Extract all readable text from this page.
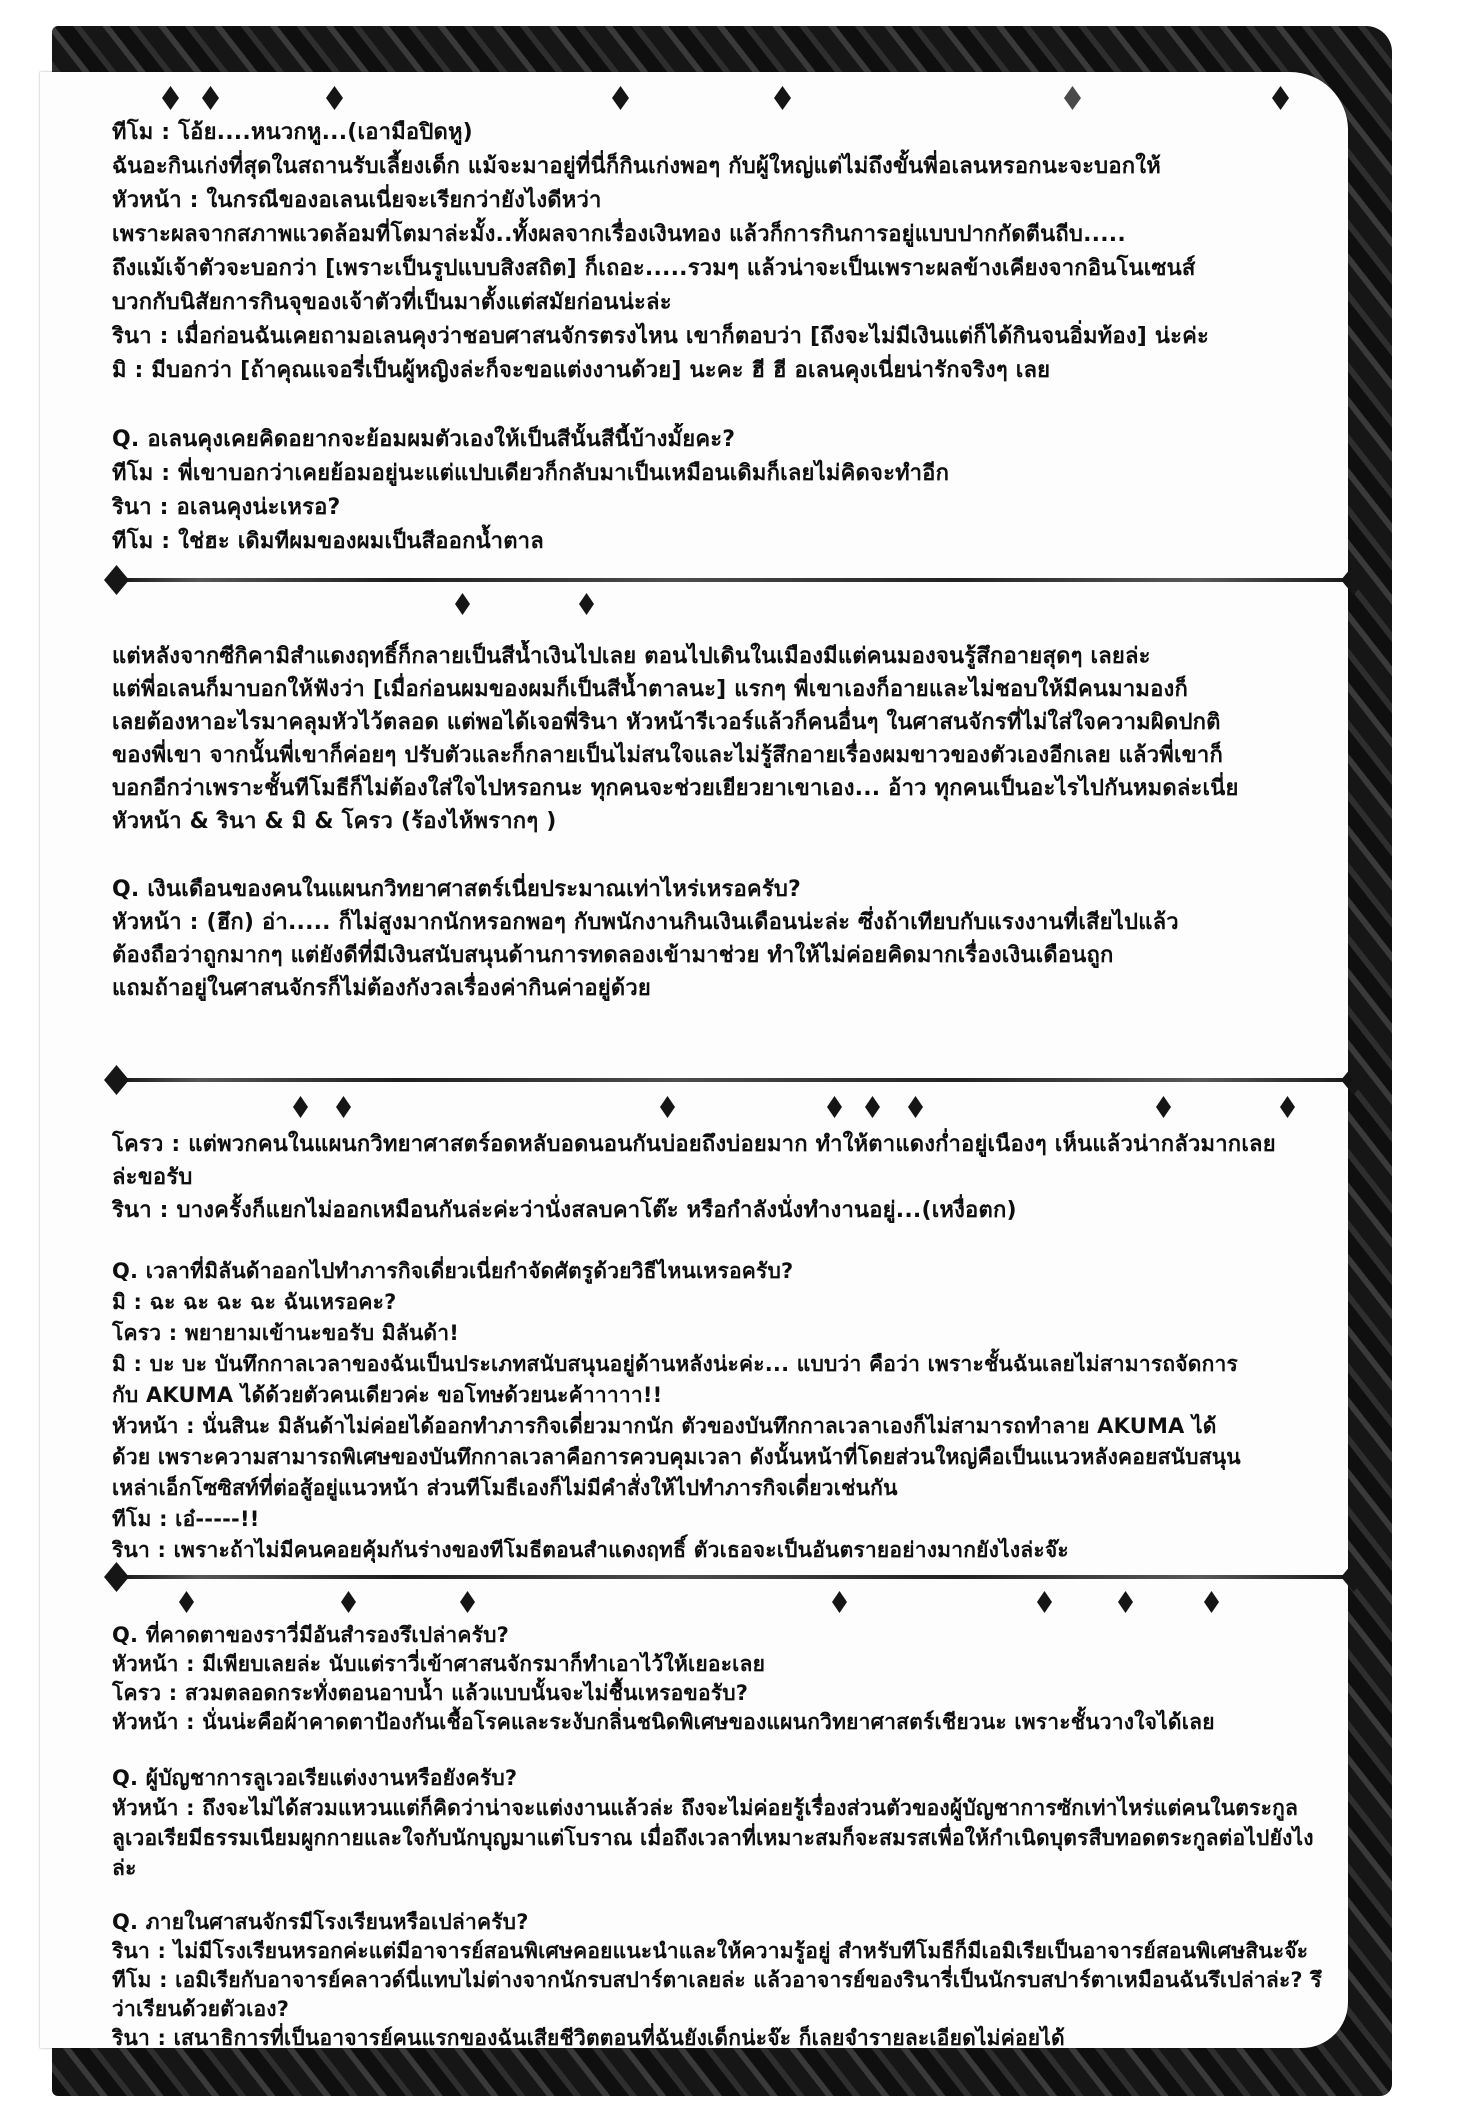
ทีโม : โอ้ย....หนวกหู...(เอามือปิดหู)
ฉันอะกินเก่งที่สุดในสถานรับเลี้ยงเด็ก แม้จะมาอยู่ที่นี่ก็กินเก่งพอๆ กับผู้ใหญ่แต่ไม่ถึงขั้นพี่อเลนหรอกนะจะบอกให้
หัวหน้า : ในกรณีของอเลนเนี่ยจะเรียกว่ายังไงดีหว่า
เพราะผลจากสภาพแวดล้อมที่โตมาล่ะมั้ง..ทั้งผลจากเรื่องเงินทอง แล้วก็การกินการอยู่แบบปากกัดตีนถีบ.....
ถึงแม้เจ้าตัวจะบอกว่า [เพราะเป็นรูปแบบสิงสถิต] ก็เถอะ.....รวมๆ แล้วน่าจะเป็นเพราะผลข้างเคียงจากอินโนเซนส์
บวกกับนิสัยการกินจุของเจ้าตัวที่เป็นมาตั้งแต่สมัยก่อนน่ะล่ะ
รินา : เมื่อก่อนฉันเคยถามอเลนคุงว่าชอบศาสนจักรตรงไหน เขาก็ตอบว่า [ถึงจะไม่มีเงินแต่ก็ได้กินจนอิ่มท้อง] น่ะค่ะ
มิ : มีบอกว่า [ถ้าคุณแจอรี่เป็นผู้หญิงล่ะก็จะขอแต่งงานด้วย] นะคะ ฮี ฮี อเลนคุงเนี่ยน่ารักจริงๆ เลย
Q. อเลนคุงเคยคิดอยากจะย้อมผมตัวเองให้เป็นสีนั้นสีนี้บ้างมั้ยคะ?
ทีโม : พี่เขาบอกว่าเคยย้อมอยู่นะแต่แปบเดียวก็กลับมาเป็นเหมือนเดิมก็เลยไม่คิดจะทำอีก
รินา : อเลนคุงน่ะเหรอ?
ทีโม : ใช่ฮะ เดิมทีผมของผมเป็นสีออกน้ำตาล
แต่หลังจากซีกิคามิสำแดงฤทธิ์ก็กลายเป็นสีน้ำเงินไปเลย ตอนไปเดินในเมืองมีแต่คนมองจนรู้สึกอายสุดๆ เลยล่ะ
แต่พี่อเลนก็มาบอกให้ฟังว่า [เมื่อก่อนผมของผมก็เป็นสีน้ำตาลนะ] แรกๆ พี่เขาเองก็อายและไม่ชอบให้มีคนมามองก็
เลยต้องหาอะไรมาคลุมหัวไว้ตลอด แต่พอได้เจอพี่รินา หัวหน้ารีเวอร์แล้วก็คนอื่นๆ ในศาสนจักรที่ไม่ใส่ใจความผิดปกติ
ของพี่เขา จากนั้นพี่เขาก็ค่อยๆ ปรับตัวและก็กลายเป็นไม่สนใจและไม่รู้สึกอายเรื่องผมขาวของตัวเองอีกเลย แล้วพี่เขาก็
บอกอีกว่าเพราะชั้นทีโมธีก็ไม่ต้องใส่ใจไปหรอกนะ ทุกคนจะช่วยเยียวยาเขาเอง... อ้าว ทุกคนเป็นอะไรไปกันหมดล่ะเนี่ย
หัวหน้า & รินา & มิ & โครว (ร้องไห้พรากๆ )
Q. เงินเดือนของคนในแผนกวิทยาศาสตร์เนี่ยประมาณเท่าไหร่เหรอครับ?
หัวหน้า : (ฮึก) อ่า..... ก็ไม่สูงมากนักหรอกพอๆ กับพนักงานกินเงินเดือนน่ะล่ะ ซึ่งถ้าเทียบกับแรงงานที่เสียไปแล้ว
ต้องถือว่าถูกมากๆ แต่ยังดีที่มีเงินสนับสนุนด้านการทดลองเข้ามาช่วย ทำให้ไม่ค่อยคิดมากเรื่องเงินเดือนถูก
แถมถ้าอยู่ในศาสนจักรก็ไม่ต้องกังวลเรื่องค่ากินค่าอยู่ด้วย
โครว : แต่พวกคนในแผนกวิทยาศาสตร์อดหลับอดนอนกันบ่อยถึงบ่อยมาก ทำให้ตาแดงก่ำอยู่เนืองๆ เห็นแล้วน่ากลัวมากเลย
ล่ะขอรับ
รินา : บางครั้งก็แยกไม่ออกเหมือนกันล่ะค่ะว่านั่งสลบคาโต๊ะ หรือกำลังนั่งทำงานอยู่...(เหงื่อตก)
Q. เวลาที่มิลันด้าออกไปทำภารกิจเดี่ยวเนี่ยกำจัดศัตรูด้วยวิธีไหนเหรอครับ?
มิ : ฉะ ฉะ ฉะ ฉะ ฉันเหรอคะ?
โครว : พยายามเข้านะขอรับ มิลันด้า!
มิ : บะ บะ บันทึกกาลเวลาของฉันเป็นประเภทสนับสนุนอยู่ด้านหลังน่ะค่ะ... แบบว่า คือว่า เพราะชั้นฉันเลยไม่สามารถจัดการ
กับ AKUMA ได้ด้วยตัวคนเดียวค่ะ ขอโทษด้วยนะค้าาาาา!!
หัวหน้า : นั่นสินะ มิลันด้าไม่ค่อยได้ออกทำภารกิจเดี่ยวมากนัก ตัวของบันทึกกาลเวลาเองก็ไม่สามารถทำลาย AKUMA ได้
ด้วย เพราะความสามารถพิเศษของบันทึกกาลเวลาคือการควบคุมเวลา ดังนั้นหน้าที่โดยส่วนใหญ่คือเป็นแนวหลังคอยสนับสนุน
เหล่าเอ็กโซซิสท์ที่ต่อสู้อยู่แนวหน้า ส่วนทีโมธีเองก็ไม่มีคำสั่งให้ไปทำภารกิจเดี่ยวเช่นกัน
ทีโม : เอ๋-----!!
รินา : เพราะถ้าไม่มีคนคอยคุ้มกันร่างของทีโมธีตอนสำแดงฤทธิ์ ตัวเธอจะเป็นอันตรายอย่างมากยังไงล่ะจ๊ะ
Q. ที่คาดตาของราวี่มีอันสำรองรึเปล่าครับ?
หัวหน้า : มีเพียบเลยล่ะ นับแต่ราวี่เข้าศาสนจักรมาก็ทำเอาไว้ให้เยอะเลย
โครว : สวมตลอดกระทั่งตอนอาบน้ำ แล้วแบบนั้นจะไม่ชื้นเหรอขอรับ?
หัวหน้า : นั่นน่ะคือผ้าคาดตาป้องกันเชื้อโรคและระงับกลิ่นชนิดพิเศษของแผนกวิทยาศาสตร์เชียวนะ เพราะชั้นวางใจได้เลย
Q. ผู้บัญชาการลูเวอเรียแต่งงานหรือยังครับ?
หัวหน้า : ถึงจะไม่ได้สวมแหวนแต่ก็คิดว่าน่าจะแต่งงานแล้วล่ะ ถึงจะไม่ค่อยรู้เรื่องส่วนตัวของผู้บัญชาการซักเท่าไหร่แต่คนในตระกูล
ลูเวอเรียมีธรรมเนียมผูกกายและใจกับนักบุญมาแต่โบราณ เมื่อถึงเวลาที่เหมาะสมก็จะสมรสเพื่อให้กำเนิดบุตรสืบทอดตระกูลต่อไปยังไง
ล่ะ
Q. ภายในศาสนจักรมีโรงเรียนหรือเปล่าครับ?
รินา : ไม่มีโรงเรียนหรอกค่ะแต่มีอาจารย์สอนพิเศษคอยแนะนำและให้ความรู้อยู่ สำหรับทีโมธีก็มีเอมิเรียเป็นอาจารย์สอนพิเศษสินะจ๊ะ
ทีโม : เอมิเรียกับอาจารย์คลาวด์นี่แทบไม่ต่างจากนักรบสปาร์ตาเลยล่ะ แล้วอาจารย์ของรินารี่เป็นนักรบสปาร์ตาเหมือนฉันรึเปล่าล่ะ? รึ
ว่าเรียนด้วยตัวเอง?
รินา : เสนาธิการที่เป็นอาจารย์คนแรกของฉันเสียชีวิตตอนที่ฉันยังเด็กน่ะจ๊ะ ก็เลยจำรายละเอียดไม่ค่อยได้
